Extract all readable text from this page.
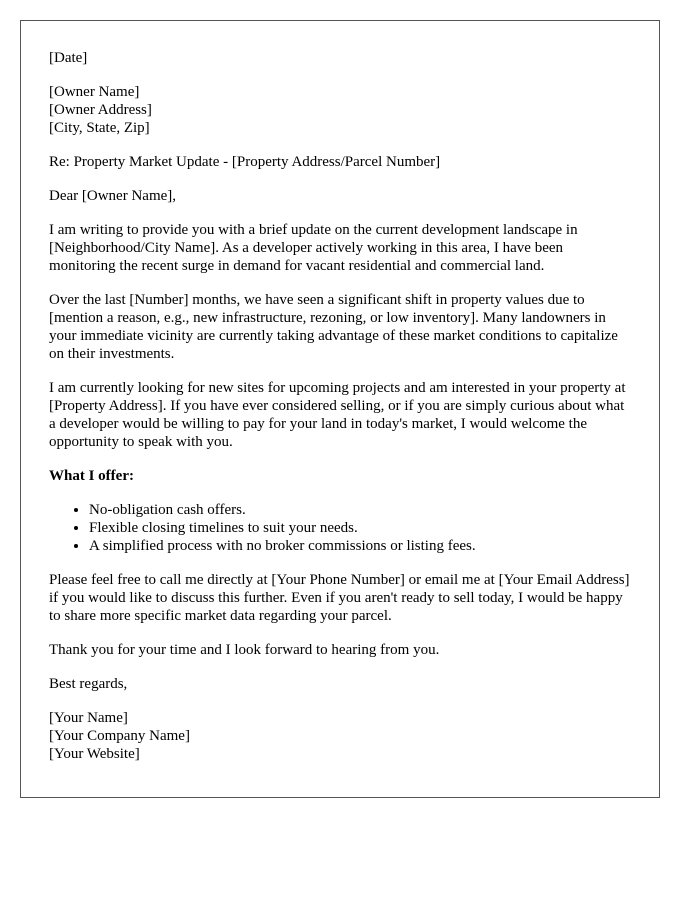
[Date]
[Owner Name]
[Owner Address]
[City, State, Zip]
Re: Property Market Update - [Property Address/Parcel Number]
Dear [Owner Name],

I am writing to provide you with a brief update on the current development landscape in [Neighborhood/City Name]. As a developer actively working in this area, I have been monitoring the recent surge in demand for vacant residential and commercial land.

Over the last [Number] months, we have seen a significant shift in property values due to [mention a reason, e.g., new infrastructure, rezoning, or low inventory]. Many landowners in your immediate vicinity are currently taking advantage of these market conditions to capitalize on their investments.

I am currently looking for new sites for upcoming projects and am interested in your property at [Property Address]. If you have ever considered selling, or if you are simply curious about what a developer would be willing to pay for your land in today's market, I would welcome the opportunity to speak with you.

What I offer:
• No-obligation cash offers.
• Flexible closing timelines to suit your needs.
• A simplified process with no broker commissions or listing fees.

Please feel free to call me directly at [Your Phone Number] or email me at [Your Email Address] if you would like to discuss this further. Even if you aren't ready to sell today, I would be happy to share more specific market data regarding your parcel.

Thank you for your time and I look forward to hearing from you.

Best regards,
[Your Name]
[Your Company Name]
[Your Website]
